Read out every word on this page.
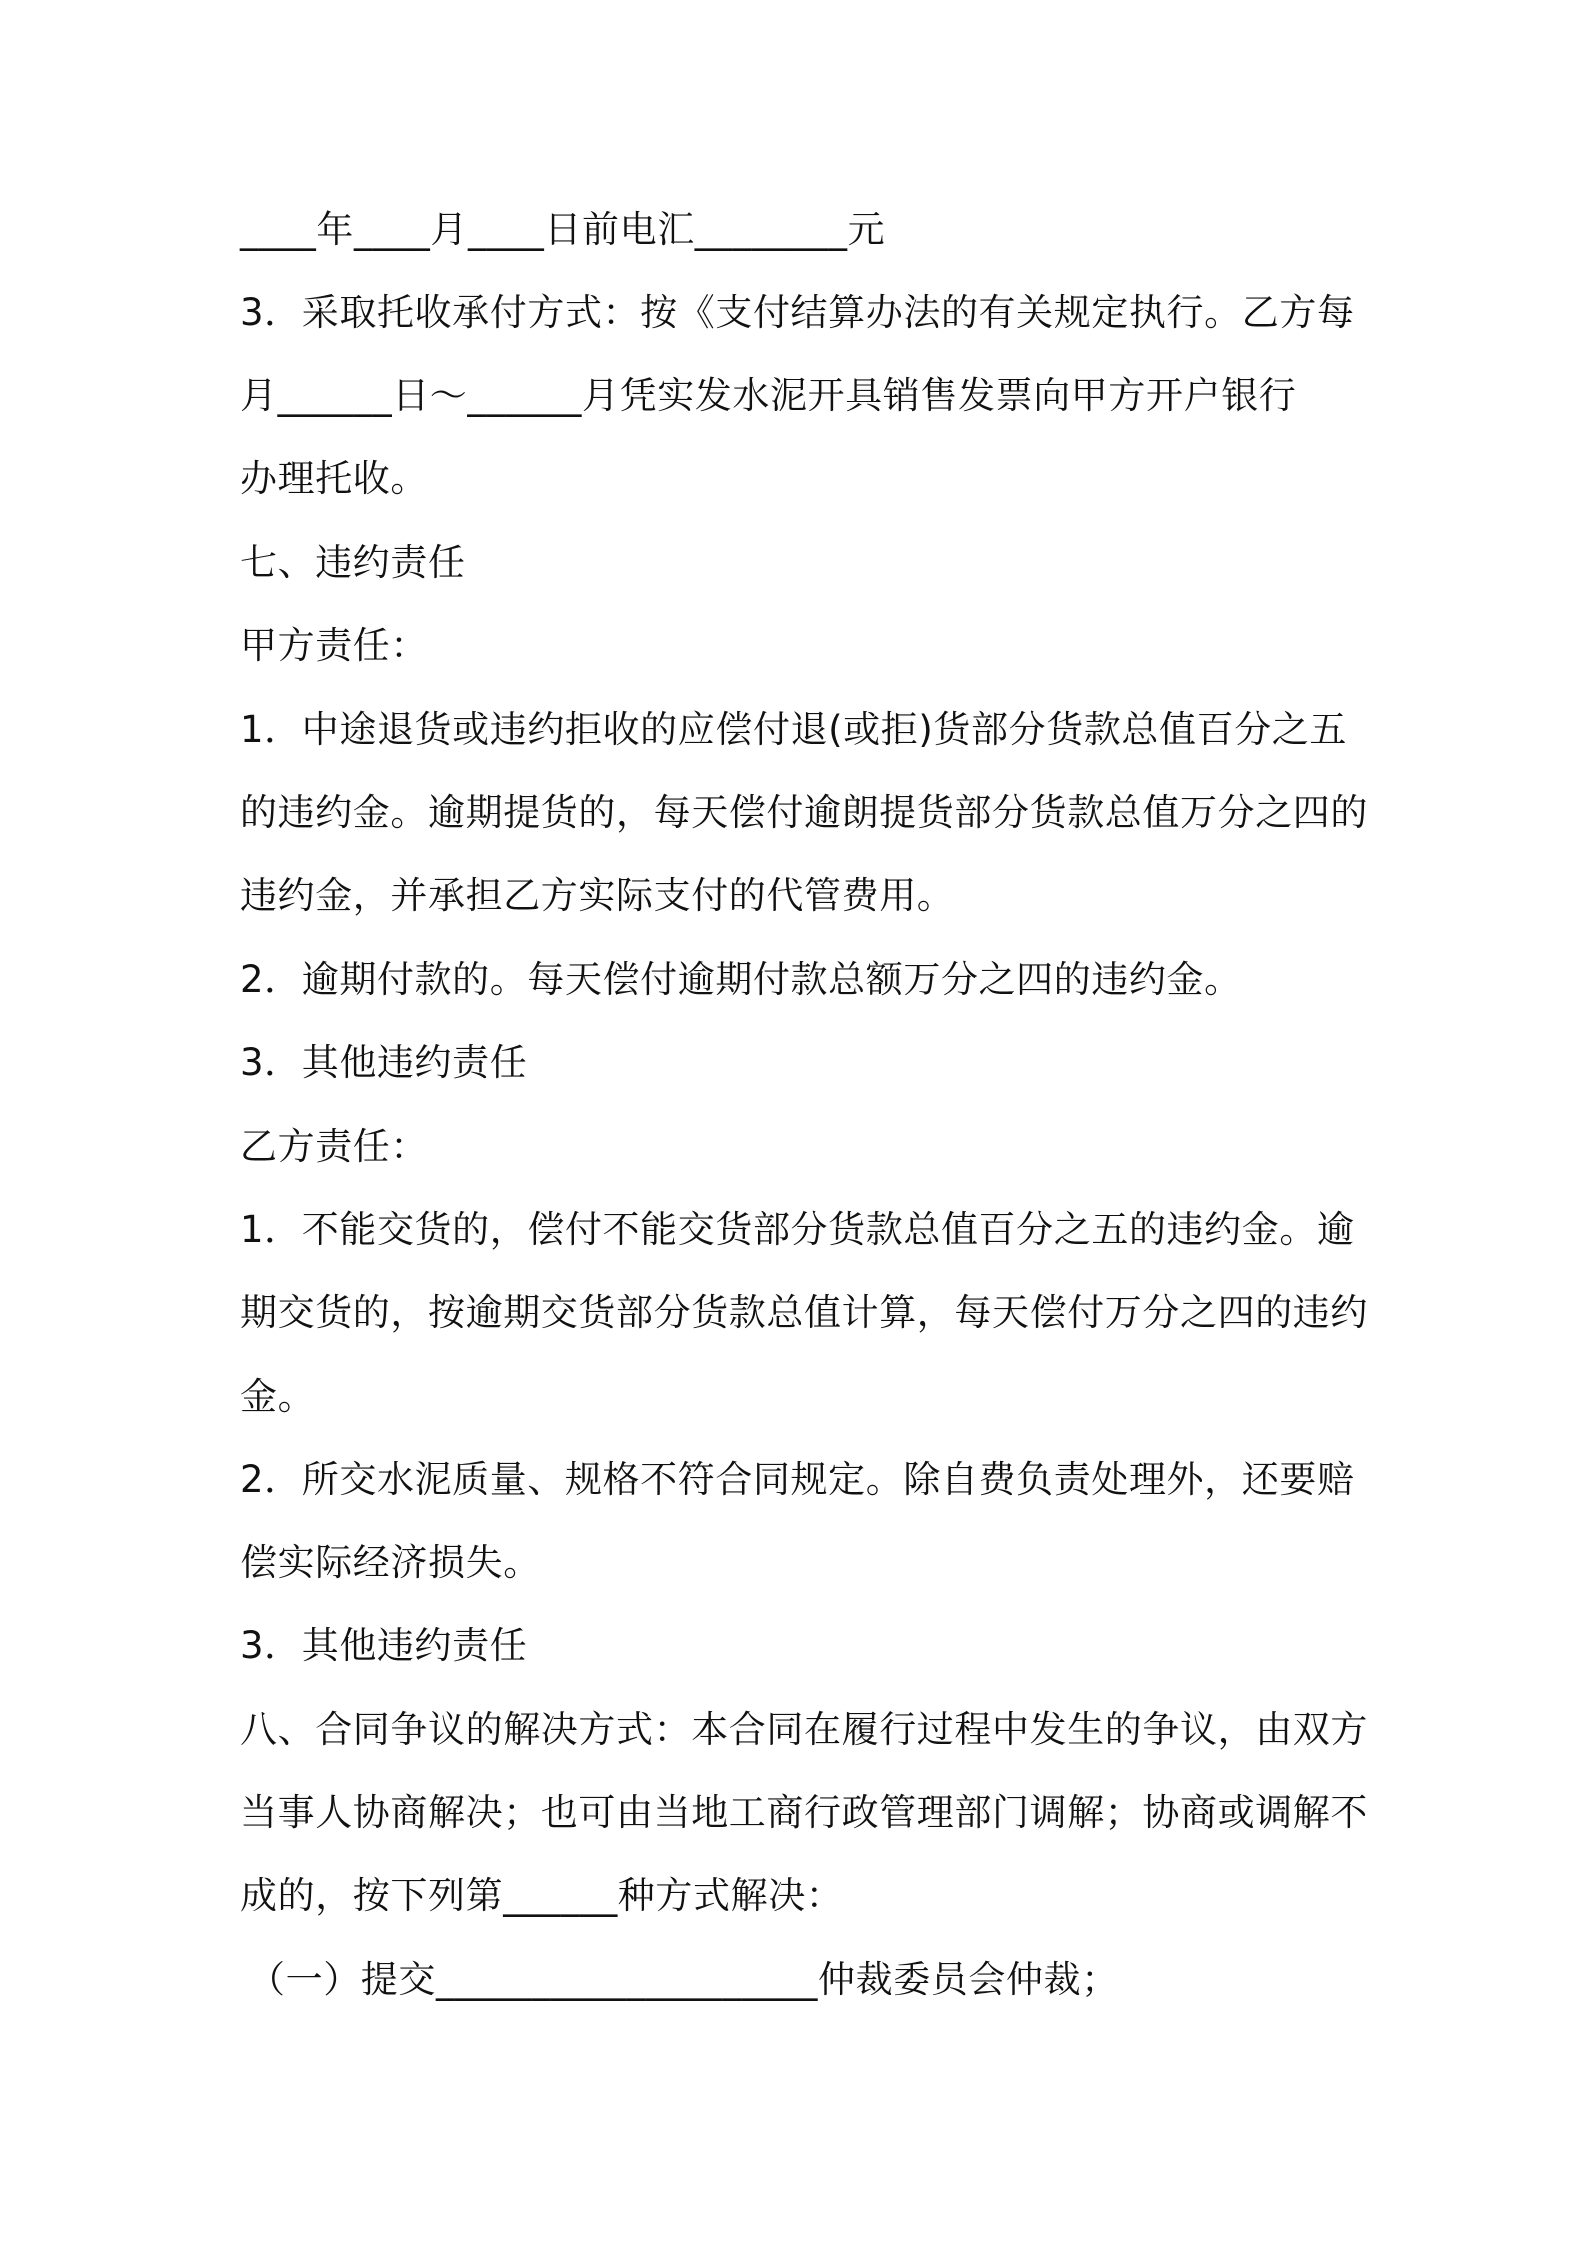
____年____月____日前电汇________元

3．采取托收承付方式：按《支付结算办法的有关规定执行。乙方每

月______日～______月凭实发水泥开具销售发票向甲方开户银行

办理托收。

七、违约责任

甲方责任：

1．中途退货或违约拒收的应偿付退(或拒)货部分货款总值百分之五

的违约金。逾期提货的，每天偿付逾朗提货部分货款总值万分之四的

违约金，并承担乙方实际支付的代管费用。

2．逾期付款的。每天偿付逾期付款总额万分之四的违约金。

3．其他违约责任

乙方责任：

1．不能交货的，偿付不能交货部分货款总值百分之五的违约金。逾

期交货的，按逾期交货部分货款总值计算，每天偿付万分之四的违约

金。

2．所交水泥质量、规格不符合同规定。除自费负责处理外，还要赔

偿实际经济损失。

3．其他违约责任

八、合同争议的解决方式：本合同在履行过程中发生的争议，由双方

当事人协商解决；也可由当地工商行政管理部门调解；协商或调解不

成的，按下列第______种方式解决：

（一）提交____________________仲裁委员会仲裁；
